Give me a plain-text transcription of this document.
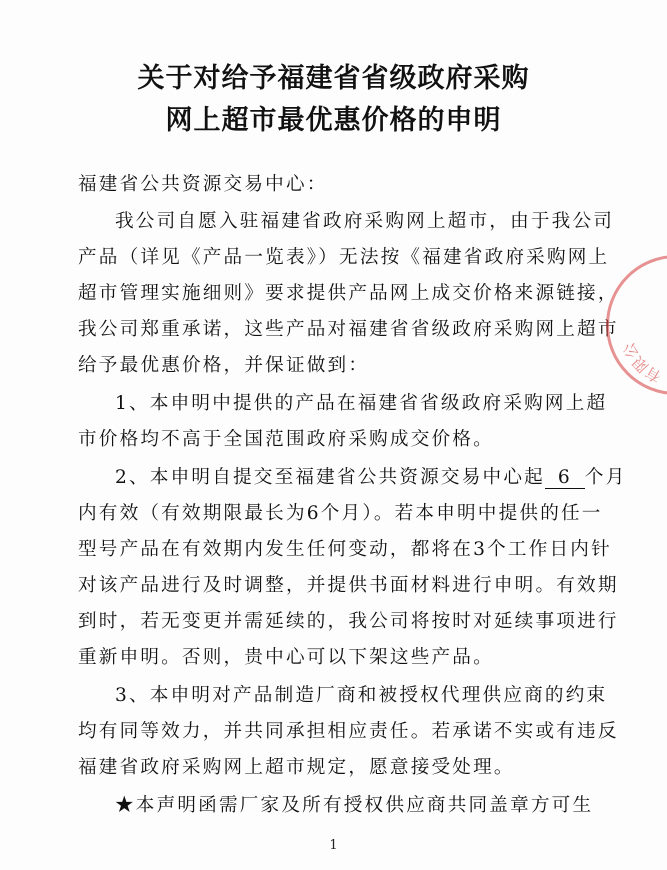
关于对给予福建省省级政府采购
网上超市最优惠价格的申明
福建省公共资源交易中心：
我公司自愿入驻福建省政府采购网上超市，由于我公司
产品（详见《产品一览表》）无法按《福建省政府采购网上
超市管理实施细则》要求提供产品网上成交价格来源链接，
我公司郑重承诺，这些产品对福建省省级政府采购网上超市
给予最优惠价格，并保证做到：
1、本申明中提供的产品在福建省省级政府采购网上超
市价格均不高于全国范围政府采购成交价格。
2、本申明自提交至福建省公共资源交易中心起 6 个月
内有效（有效期限最长为6个月）。若本申明中提供的任一
型号产品在有效期内发生任何变动，都将在3个工作日内针
对该产品进行及时调整，并提供书面材料进行申明。有效期
到时，若无变更并需延续的，我公司将按时对延续事项进行
重新申明。否则，贵中心可以下架这些产品。
3、本申明对产品制造厂商和被授权代理供应商的约束
均有同等效力，并共同承担相应责任。若承诺不实或有违反
福建省政府采购网上超市规定，愿意接受处理。
★本声明函需厂家及所有授权供应商共同盖章方可生
1
有限公
